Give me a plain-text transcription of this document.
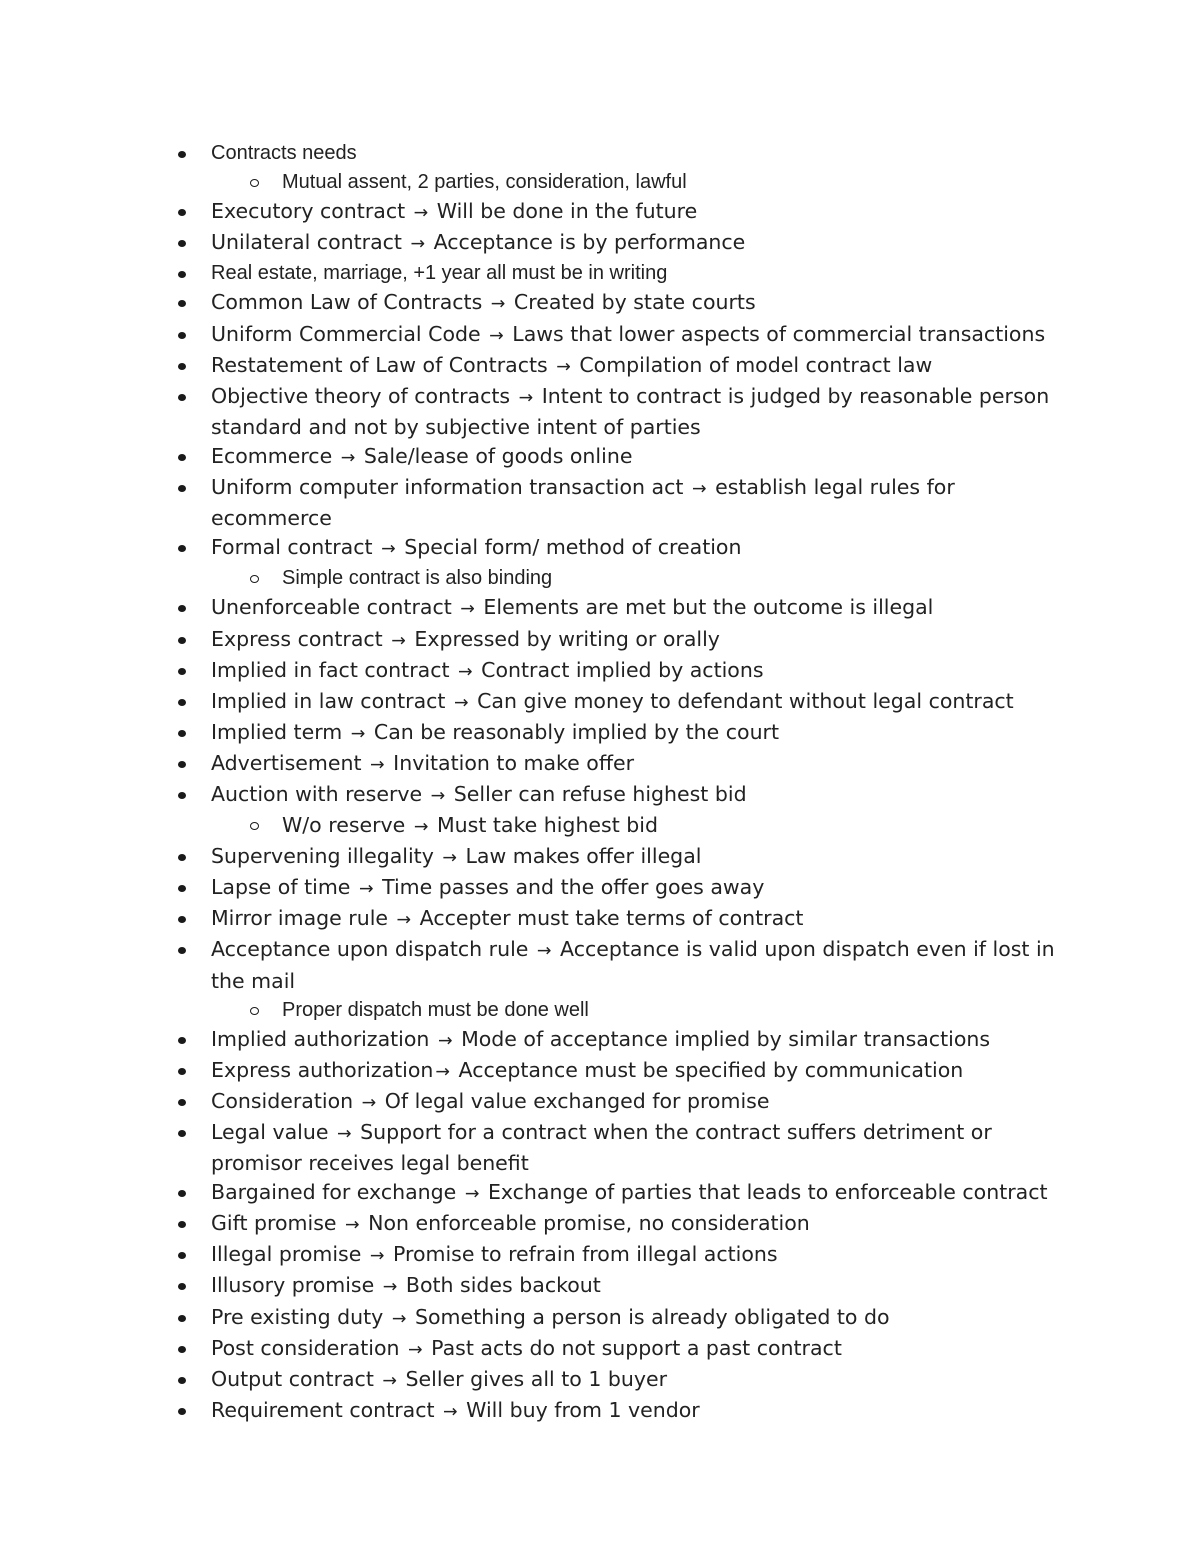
Contracts needs
Mutual assent, 2 parties, consideration, lawful
Executory contract → Will be done in the future
Unilateral contract → Acceptance is by performance
Real estate, marriage, +1 year all must be in writing
Common Law of Contracts → Created by state courts
Uniform Commercial Code → Laws that lower aspects of commercial transactions
Restatement of Law of Contracts → Compilation of model contract law
Objective theory of contracts → Intent to contract is judged by reasonable person standard and not by subjective intent of parties
Ecommerce → Sale/lease of goods online
Uniform computer information transaction act → establish legal rules for ecommerce
Formal contract → Special form/ method of creation
Simple contract is also binding
Unenforceable contract → Elements are met but the outcome is illegal
Express contract → Expressed by writing or orally
Implied in fact contract → Contract implied by actions
Implied in law contract → Can give money to defendant without legal contract
Implied term → Can be reasonably implied by the court
Advertisement → Invitation to make offer
Auction with reserve → Seller can refuse highest bid
W/o reserve → Must take highest bid
Supervening illegality → Law makes offer illegal
Lapse of time → Time passes and the offer goes away
Mirror image rule → Accepter must take terms of contract
Acceptance upon dispatch rule → Acceptance is valid upon dispatch even if lost in the mail
Proper dispatch must be done well
Implied authorization → Mode of acceptance implied by similar transactions
Express authorization → Acceptance must be specified by communication
Consideration → Of legal value exchanged for promise
Legal value → Support for a contract when the contract suffers detriment or promisor receives legal benefit
Bargained for exchange → Exchange of parties that leads to enforceable contract
Gift promise → Non enforceable promise, no consideration
Illegal promise → Promise to refrain from illegal actions
Illusory promise → Both sides backout
Pre existing duty → Something a person is already obligated to do
Post consideration → Past acts do not support a past contract
Output contract → Seller gives all to 1 buyer
Requirement contract → Will buy from 1 vendor
